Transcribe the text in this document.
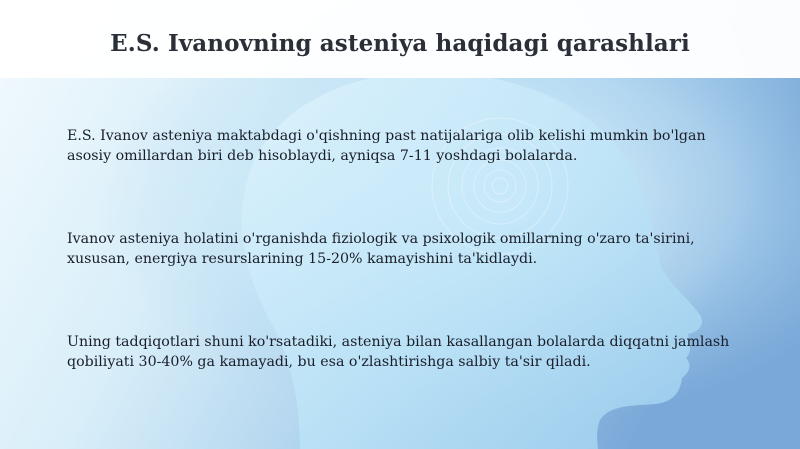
E.S. Ivanovning asteniya haqidagi qarashlari

E.S. Ivanov asteniya maktabdagi o'qishning past natijalariga olib kelishi mumkin bo'lgan asosiy omillardan biri deb hisoblaydi, ayniqsa 7-11 yoshdagi bolalarda.

Ivanov asteniya holatini o'rganishda fiziologik va psixologik omillarning o'zaro ta'sirini, xususan, energiya resurslarining 15-20% kamayishini ta'kidlaydi.

Uning tadqiqotlari shuni ko'rsatadiki, asteniya bilan kasallangan bolalarda diqqatni jamlash qobiliyati 30-40% ga kamayadi, bu esa o'zlashtirishga salbiy ta'sir qiladi.
